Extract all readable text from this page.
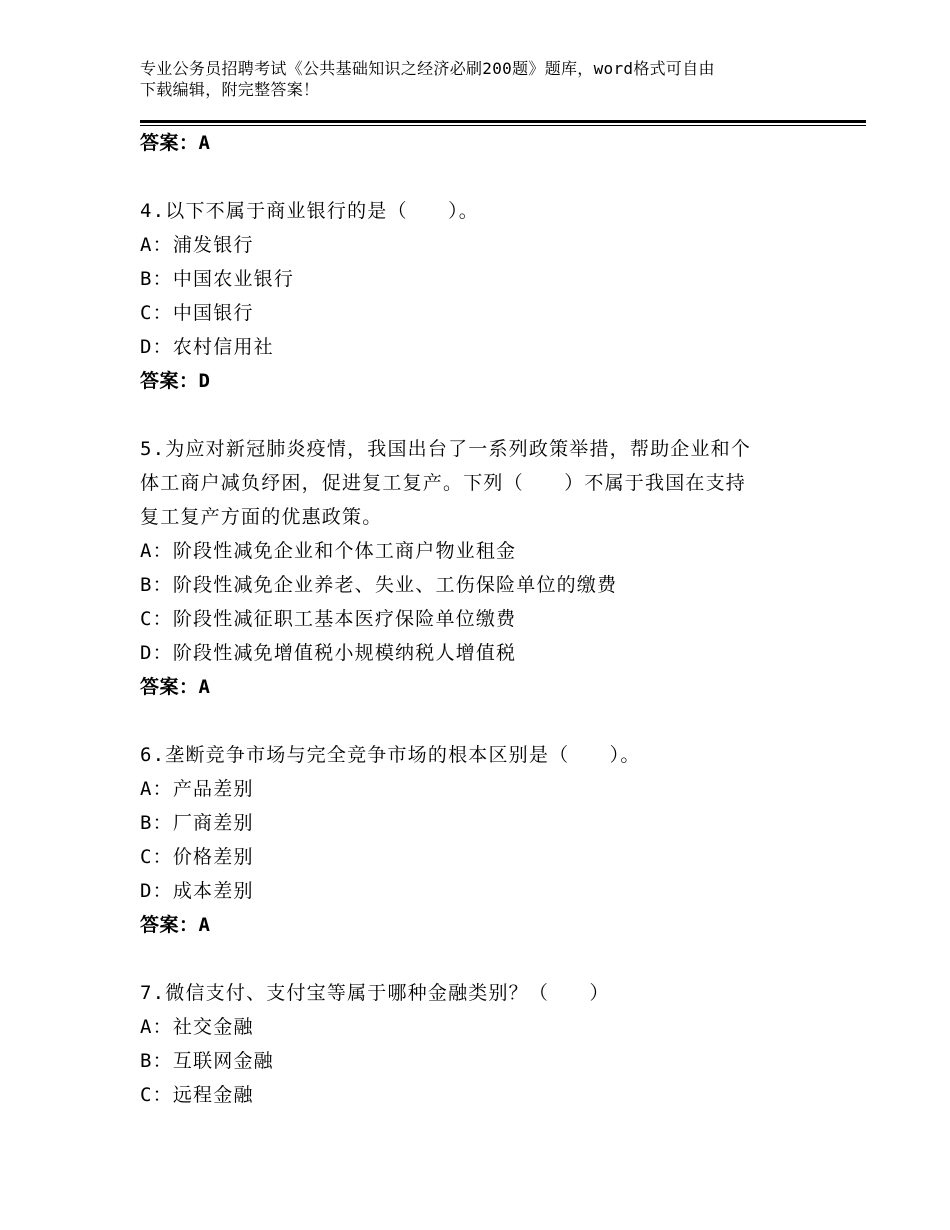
专业公务员招聘考试《公共基础知识之经济必刷200题》题库，word格式可自由
下载编辑，附完整答案！
答案：A
4.以下不属于商业银行的是（　　）。
A：浦发银行
B：中国农业银行
C：中国银行
D：农村信用社
答案：D
5.为应对新冠肺炎疫情，我国出台了一系列政策举措，帮助企业和个
体工商户减负纾困，促进复工复产。下列（　　）不属于我国在支持
复工复产方面的优惠政策。
A：阶段性减免企业和个体工商户物业租金
B：阶段性减免企业养老、失业、工伤保险单位的缴费
C：阶段性减征职工基本医疗保险单位缴费
D：阶段性减免增值税小规模纳税人增值税
答案：A
6.垄断竞争市场与完全竞争市场的根本区别是（　　）。
A：产品差别
B：厂商差别
C：价格差别
D：成本差别
答案：A
7.微信支付、支付宝等属于哪种金融类别？（　　）
A：社交金融
B：互联网金融
C：远程金融
